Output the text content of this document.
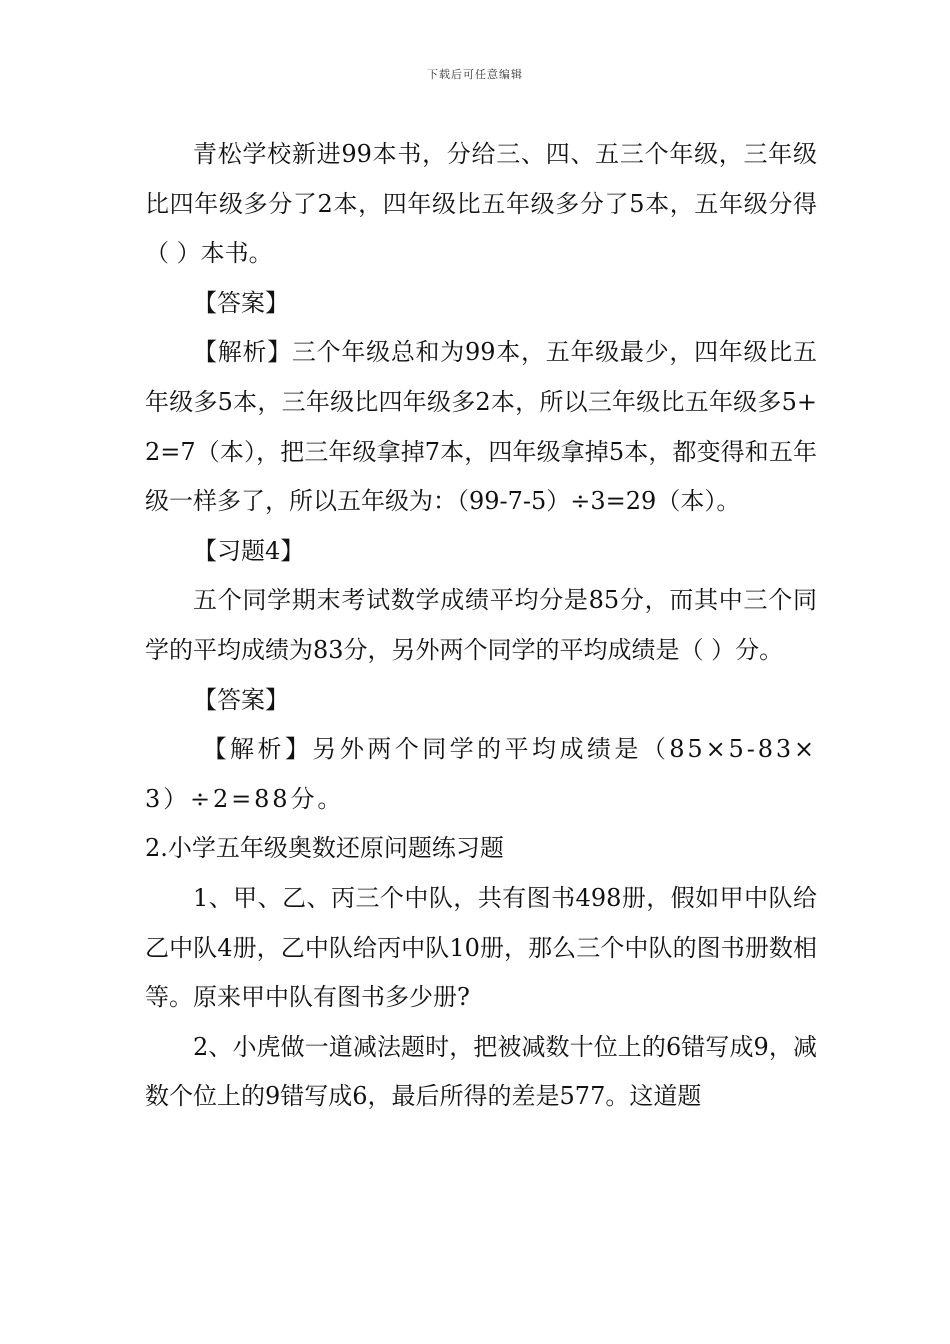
下载后可任意编辑

青松学校新进99本书，分给三、四、五三个年级，三年级比四年级多分了2本，四年级比五年级多分了5本，五年级分得（ ）本书。

【答案】

【解析】三个年级总和为99本，五年级最少，四年级比五年级多5本，三年级比四年级多2本，所以三年级比五年级多5+2=7（本），把三年级拿掉7本，四年级拿掉5本，都变得和五年级一样多了，所以五年级为：（99-7-5）÷3=29（本）。

【习题4】

五个同学期末考试数学成绩平均分是85分，而其中三个同学的平均成绩为83分，另外两个同学的平均成绩是（ ）分。

【答案】

【解析】另外两个同学的平均成绩是（85×5-83×3）÷2=88分。

2.小学五年级奥数还原问题练习题

1、甲、乙、丙三个中队，共有图书498册，假如甲中队给乙中队4册，乙中队给丙中队10册，那么三个中队的图书册数相等。原来甲中队有图书多少册?

2、小虎做一道减法题时，把被减数十位上的6错写成9，减数个位上的9错写成6，最后所得的差是577。这道题
